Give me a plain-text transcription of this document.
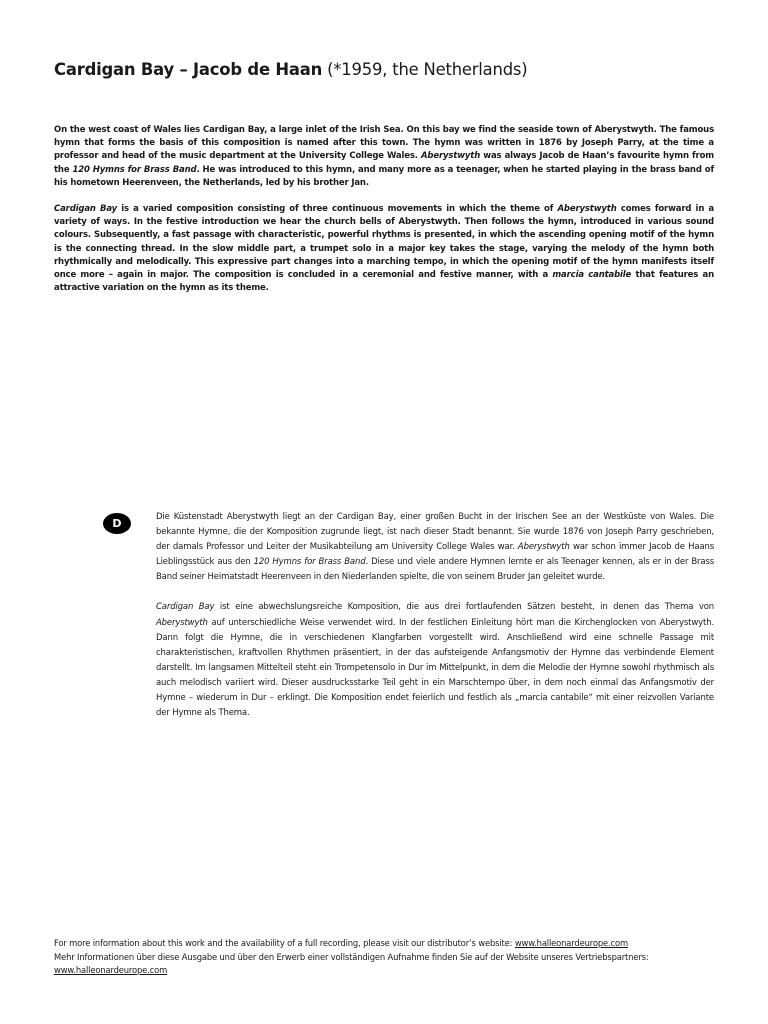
Cardigan Bay – Jacob de Haan (*1959, the Netherlands)

On the west coast of Wales lies Cardigan Bay, a large inlet of the Irish Sea. On this bay we find the seaside town of Aberystwyth. The famous hymn that forms the basis of this composition is named after this town. The hymn was written in 1876 by Joseph Parry, at the time a professor and head of the music department at the University College Wales. Aberystwyth was always Jacob de Haan’s favourite hymn from the 120 Hymns for Brass Band. He was introduced to this hymn, and many more as a teenager, when he started playing in the brass band of his hometown Heerenveen, the Netherlands, led by his brother Jan.

Cardigan Bay is a varied composition consisting of three continuous movements in which the theme of Aberystwyth comes forward in a variety of ways. In the festive introduction we hear the church bells of Aberystwyth. Then follows the hymn, introduced in various sound colours. Subsequently, a fast passage with characteristic, powerful rhythms is presented, in which the ascending opening motif of the hymn is the connecting thread. In the slow middle part, a trumpet solo in a major key takes the stage, varying the melody of the hymn both rhythmically and melodically. This expressive part changes into a marching tempo, in which the opening motif of the hymn manifests itself once more – again in major. The composition is concluded in a ceremonial and festive manner, with a marcia cantabile that features an attractive variation on the hymn as its theme.

D	Die Küstenstadt Aberystwyth liegt an der Cardigan Bay, einer großen Bucht in der Irischen See an der Westküste von Wales. Die bekannte Hymne, die der Komposition zugrunde liegt, ist nach dieser Stadt benannt. Sie wurde 1876 von Joseph Parry geschrieben, der damals Professor und Leiter der Musikabteilung am University College Wales war. Aberystwyth war schon immer Jacob de Haans Lieblingsstück aus den 120 Hymns for Brass Band. Diese und viele andere Hymnen lernte er als Teenager kennen, als er in der Brass Band seiner Heimatstadt Heerenveen in den Niederlanden spielte, die von seinem Bruder Jan geleitet wurde.

Cardigan Bay ist eine abwechslungsreiche Komposition, die aus drei fortlaufenden Sätzen besteht, in denen das Thema von Aberystwyth auf unterschiedliche Weise verwendet wird. In der festlichen Einleitung hört man die Kirchenglocken von Aberystwyth. Dann folgt die Hymne, die in verschiedenen Klangfarben vorgestellt wird. Anschließend wird eine schnelle Passage mit charakteristischen, kraftvollen Rhythmen präsentiert, in der das aufsteigende Anfangsmotiv der Hymne das verbindende Element darstellt. Im langsamen Mittelteil steht ein Trompetensolo in Dur im Mittelpunkt, in dem die Melodie der Hymne sowohl rhythmisch als auch melodisch variiert wird. Dieser ausdrucksstarke Teil geht in ein Marschtempo über, in dem noch einmal das Anfangsmotiv der Hymne – wiederum in Dur – erklingt. Die Komposition endet feierlich und festlich als „marcia cantabile“ mit einer reizvollen Variante der Hymne als Thema.

For more information about this work and the availability of a full recording, please visit our distributor’s website: www.halleonardeurope.com
Mehr Informationen über diese Ausgabe und über den Erwerb einer vollständigen Aufnahme finden Sie auf der Website unseres Vertriebspartners: www.halleonardeurope.com
